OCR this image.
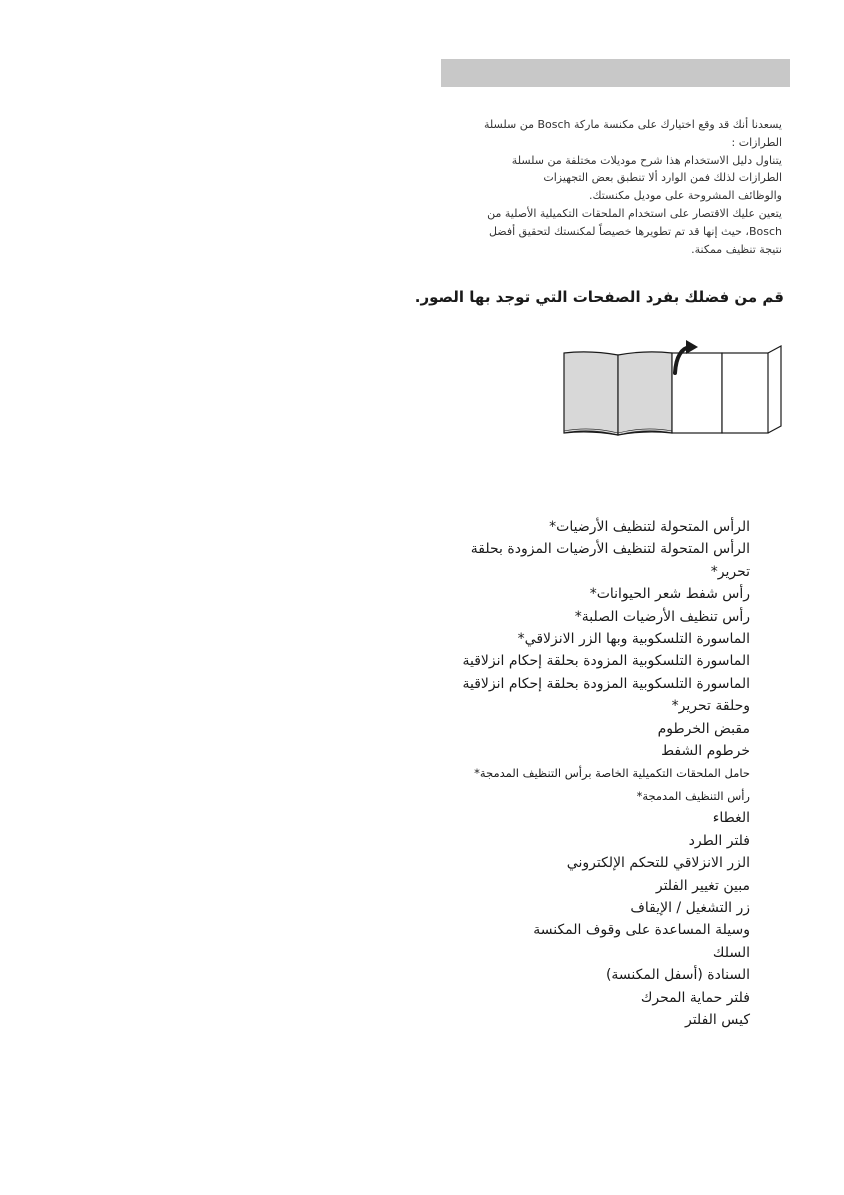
يسعدنا أنك قد وقع اختيارك على مكنسة ماركة Bosch من سلسلة

الطرازات :

يتناول دليل الاستخدام هذا شرح موديلات مختلفة من سلسلة

الطرازات لذلك فمن الوارد ألا تنطبق بعض التجهيزات

والوظائف المشروحة على موديل مكنستك.

يتعين عليك الاقتصار على استخدام الملحقات التكميلية الأصلية من

Bosch، حيث إنها قد تم تطويرها خصيصاً لمكنستك لتحقيق أفضل

نتيجة تنظيف ممكنة.

قم من فضلك بفرد الصفحات التي توجد بها الصور.
الرأس المتحولة لتنظيف الأرضيات*
الرأس المتحولة لتنظيف الأرضيات المزودة بحلقة
تحرير*
رأس شفط شعر الحيوانات*
رأس تنظيف الأرضيات الصلبة*
الماسورة التلسكوبية وبها الزر الانزلاقي*
الماسورة التلسكوبية المزودة بحلقة إحكام انزلاقية
الماسورة التلسكوبية المزودة بحلقة إحكام انزلاقية
وحلقة تحرير*
مقبض الخرطوم
خرطوم الشفط
حامل الملحقات التكميلية الخاصة برأس التنظيف المدمجة*
رأس التنظيف المدمجة*
الغطاء
فلتر الطرد
الزر الانزلاقي للتحكم الإلكتروني
مبين تغيير الفلتر
زر التشغيل / الإيقاف
وسيلة المساعدة على وقوف المكنسة
السلك
السنادة (أسفل المكنسة)
فلتر حماية المحرك
كيس الفلتر
